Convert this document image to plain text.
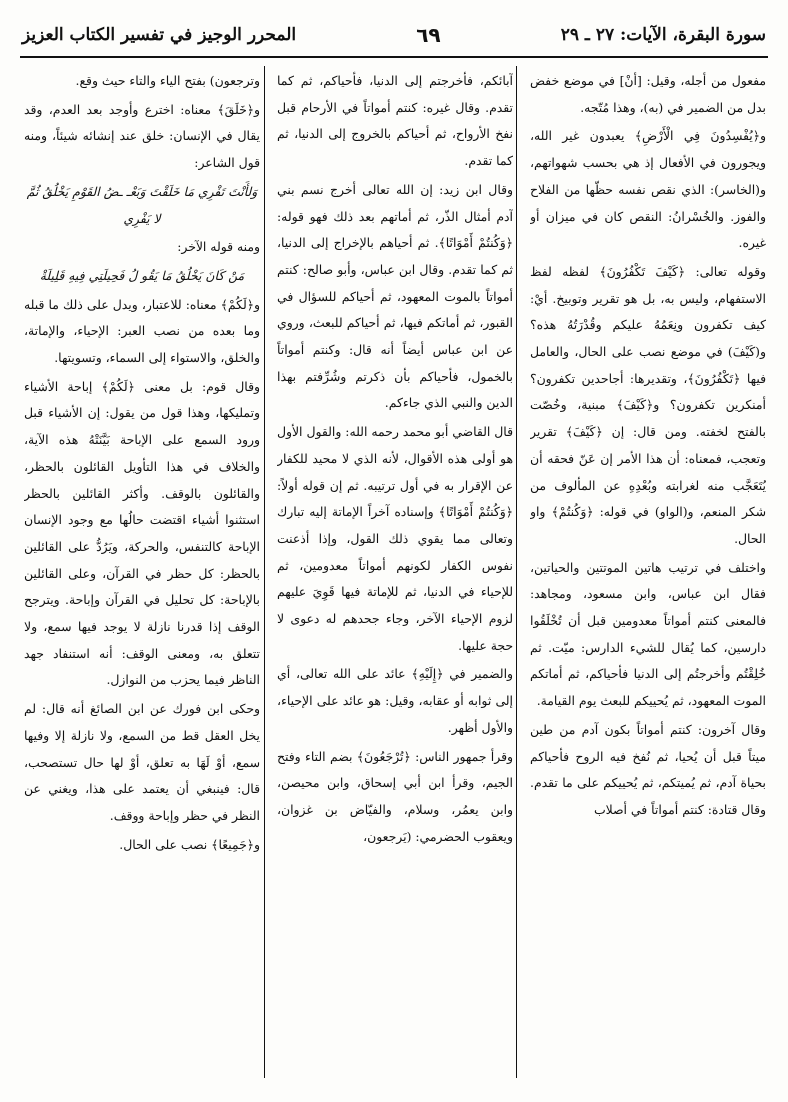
سورة البقرة، الآيات: ٢٧ ـ ٢٩
٦٩
المحرر الوجيز في تفسير الكتاب العزيز

مفعول من أجله، وقيل: [أنْ] في موضع خفض بدل من الضمير في (به)، وهذا مُتّجه.

و﴿يُفْسِدُونَ فِي الْأَرْضِ﴾ يعبدون غير الله، ويجورون في الأفعال إذ هي بحسب شهواتهم، و(الخاسر): الذي نقص نفسه حظّها من الفلاح والفوز. والخُسْرانُ: النقص كان في ميزان أو غيره.

وقوله تعالى: ﴿كَيْفَ تَكْفُرُونَ﴾ لفظه لفظ الاستفهام، وليس به، بل هو تقرير وتوبيخ. أيْ: كيف تكفرون ونِعَمُهُ عليكم وقُدْرَتُهُ هذه؟ و(كَيْفَ) في موضع نصب على الحال، والعامل فيها ﴿تَكْفُرُونَ﴾، وتقديرها: أجاحدين تكفرون؟ أمنكرين تكفرون؟ و﴿كَيْفَ﴾ مبنية، وخُصّت بالفتح لخفته. ومن قال: إن ﴿كَيْفَ﴾ تقرير وتعجب، فمعناه: أن هذا الأمر إن عَنّ فحقه أن يُتَعَجَّب منه لغرابته وبُعْدِهِ عن المألوف من شكر المنعم، و(الواو) في قوله: ﴿وَكُنتُمْ﴾ واو الحال.

واختلف في ترتيب هاتين الموتتين والحياتين، فقال ابن عباس، وابن مسعود، ومجاهد: فالمعنى كنتم أمواتاً معدومين قبل أن تُخْلَقُوا دارسين، كما يُقال للشيء الدارس: ميّت. ثم خُلِقْتُم وأخرجتُم إلى الدنيا فأحياكم، ثم أماتكم الموت المعهود، ثم يُحييكم للبعث يوم القيامة.

وقال آخرون: كنتم أمواتاً بكون آدم من طين ميتاً قبل أن يُحيا، ثم نُفخ فيه الروح فأحياكم بحياة آدم، ثم يُميتكم، ثم يُحييكم على ما تقدم. وقال قتادة: كنتم أمواتاً في أصلاب

آبائكم، فأخرجتم إلى الدنيا، فأحياكم، ثم كما تقدم. وقال غيره: كنتم أمواتاً في الأرحام قبل نفخ الأرواح، ثم أحياكم بالخروج إلى الدنيا، ثم كما تقدم.

وقال ابن زيد: إن الله تعالى أخرج نسم بني آدم أمثال الذّر، ثم أماتهم بعد ذلك فهو قوله: ﴿وَكُنتُمْ أَمْوَاتًا﴾. ثم أحياهم بالإخراج إلى الدنيا، ثم كما تقدم. وقال ابن عباس، وأبو صالح: كنتم أمواتاً بالموت المعهود، ثم أحياكم للسؤال في القبور، ثم أماتكم فيها، ثم أحياكم للبعث، وروي عن ابن عباس أيضاً أنه قال: وكنتم أمواتاً بالخمول، فأحياكم بأن ذكرتم وشُرِّفتم بهذا الدين والنبي الذي جاءكم.

قال القاضي أبو محمد رحمه الله: والقول الأول هو أولى هذه الأقوال، لأنه الذي لا محيد للكفار عن الإقرار به في أول ترتيبه. ثم إن قوله أولاً: ﴿وَكُنتُمْ أَمْوَاتًا﴾ وإسناده آخراً الإماتة إليه تبارك وتعالى مما يقوي ذلك القول، وإذا أذعنت نفوس الكفار لكونهم أمواتاً معدومين، ثم للإحياء في الدنيا، ثم للإماتة فيها قَوِيَ عليهم لزوم الإحياء الآخر، وجاء جحدهم له دعوى لا حجة عليها.

والضمير في ﴿إِلَيْهِ﴾ عائد على الله تعالى، أي إلى ثوابه أو عقابه، وقيل: هو عائد على الإحياء، والأول أظهر.

وقرأ جمهور الناس: ﴿تُرْجَعُونَ﴾ بضم التاء وفتح الجيم، وقرأ ابن أبي إسحاق، وابن محيصن، وابن يعمُر، وسلام، والفيّاض بن غزوان، ويعقوب الحضرمي: (يَرجعون،

وترجعون) بفتح الياء والتاء حيث وقع.

و﴿خَلَقَ﴾ معناه: اخترع وأوجد بعد العدم، وقد يقال في الإنسان: خلق عند إنشائه شيئاً، ومنه قول الشاعر:

وَلأَنْتَ تَفْرِي مَا خَلَقْتَ وَبَعْـ ـضُ القَوْمِ يَخْلُقُ ثُمَّ لا يَفْرِي

ومنه قوله الآخر:

مَنْ كَانَ يَخْلُقُ مَا يَقُو لُ فَحِيلَتِي فِيهِ قَلِيلَةْ

و﴿لَكُمْ﴾ معناه: للاعتبار، ويدل على ذلك ما قبله وما بعده من نصب العبر: الإحياء، والإماتة، والخلق، والاستواء إلى السماء، وتسويتها.

وقال قوم: بل معنى ﴿لَكُمْ﴾ إباحة الأشياء وتمليكها، وهذا قول من يقول: إن الأشياء قبل ورود السمع على الإباحة بَيَّنَتْهُ هذه الآية، والخلاف في هذا التأويل القائلون بالحظر، والقائلون بالوقف. وأكثر القائلين بالحظر استثنوا أشياء اقتضت حالُها مع وجود الإنسان الإباحة كالتنفس، والحركة، ويَرُدُّ على القائلين بالحظر: كل حظر في القرآن، وعلى القائلين بالإباحة: كل تحليل في القرآن وإباحة. ويترجح الوقف إذا قدرنا نازلة لا يوجد فيها سمع، ولا تتعلق به، ومعنى الوقف: أنه استنفاد جهد الناظر فيما يحزب من النوازل.

وحكى ابن فورك عن ابن الصائغ أنه قال: لم يخل العقل قط من السمع، ولا نازلة إلا وفيها سمع، أوْ لَهَا به تعلق، أوْ لها حال تستصحب، قال: فينبغي أن يعتمد على هذا، ويغني عن النظر في حظر وإباحة ووقف.

و﴿جَمِيعًا﴾ نصب على الحال.
